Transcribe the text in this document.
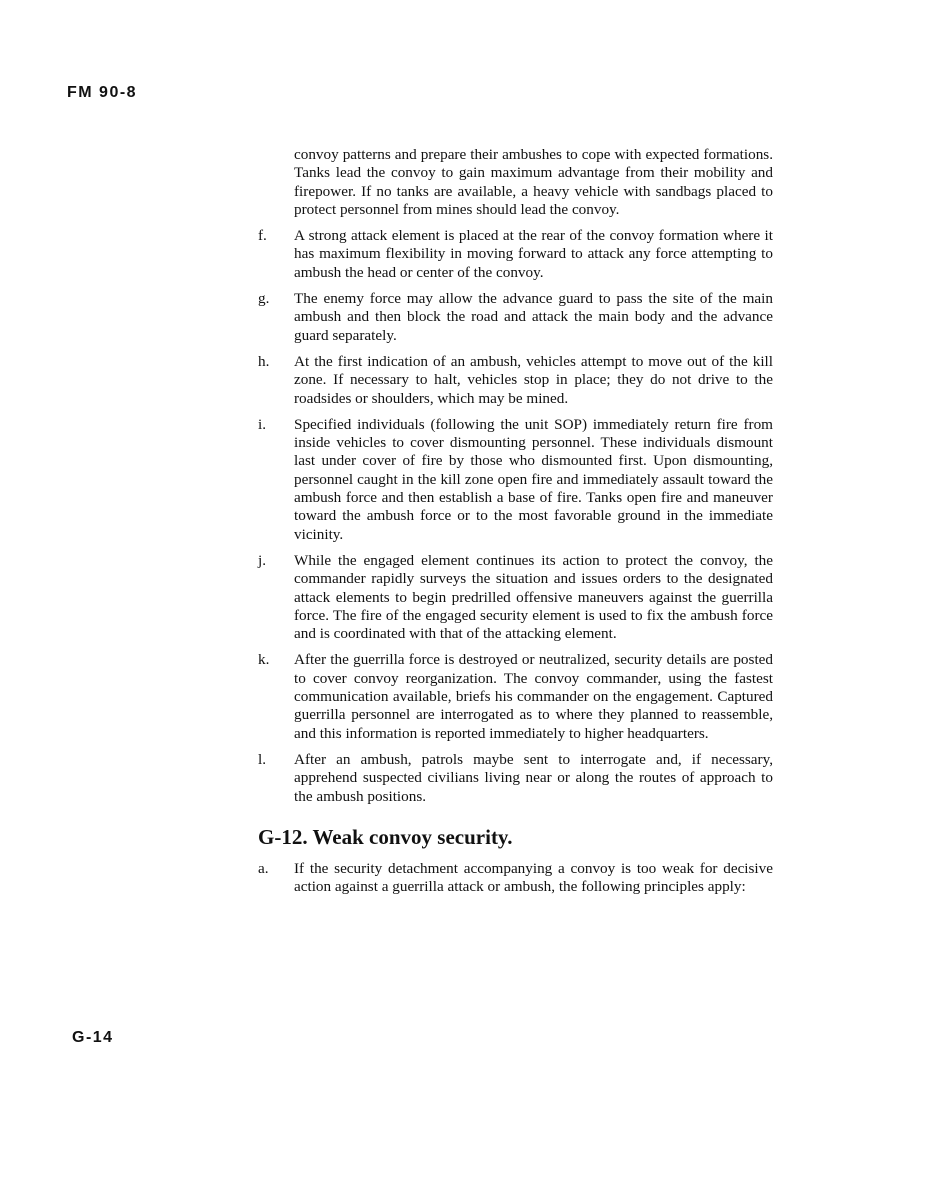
FM 90-8

convoy patterns and prepare their ambushes to cope with expected formations. Tanks lead the convoy to gain maximum advantage from their mobility and firepower. If no tanks are available, a heavy vehicle with sandbags placed to protect personnel from mines should lead the convoy.

f.	A strong attack element is placed at the rear of the convoy formation where it has maximum flexibility in moving forward to attack any force attempting to ambush the head or center of the convoy.

g.	The enemy force may allow the advance guard to pass the site of the main ambush and then block the road and attack the main body and the advance guard separately.

h.	At the first indication of an ambush, vehicles attempt to move out of the kill zone. If necessary to halt, vehicles stop in place; they do not drive to the roadsides or shoulders, which may be mined.

i.	Specified individuals (following the unit SOP) immediately return fire from inside vehicles to cover dismounting personnel. These individuals dismount last under cover of fire by those who dismounted first. Upon dismounting, personnel caught in the kill zone open fire and immediately assault toward the ambush force and then establish a base of fire. Tanks open fire and maneuver toward the ambush force or to the most favorable ground in the immediate vicinity.

j.	While the engaged element continues its action to protect the convoy, the commander rapidly surveys the situation and issues orders to the designated attack elements to begin predrilled offensive maneuvers against the guerrilla force. The fire of the engaged security element is used to fix the ambush force and is coordinated with that of the attacking element.

k.	After the guerrilla force is destroyed or neutralized, security details are posted to cover convoy reorganization. The convoy commander, using the fastest communication available, briefs his commander on the engagement. Captured guerrilla personnel are interrogated as to where they planned to reassemble, and this information is reported immediately to higher headquarters.

l.	After an ambush, patrols maybe sent to interrogate and, if necessary, apprehend suspected civilians living near or along the routes of approach to the ambush positions.

G-12. Weak convoy security.
a.	If the security detachment accompanying a convoy is too weak for decisive action against a guerrilla attack or ambush, the following principles apply:

G-14
